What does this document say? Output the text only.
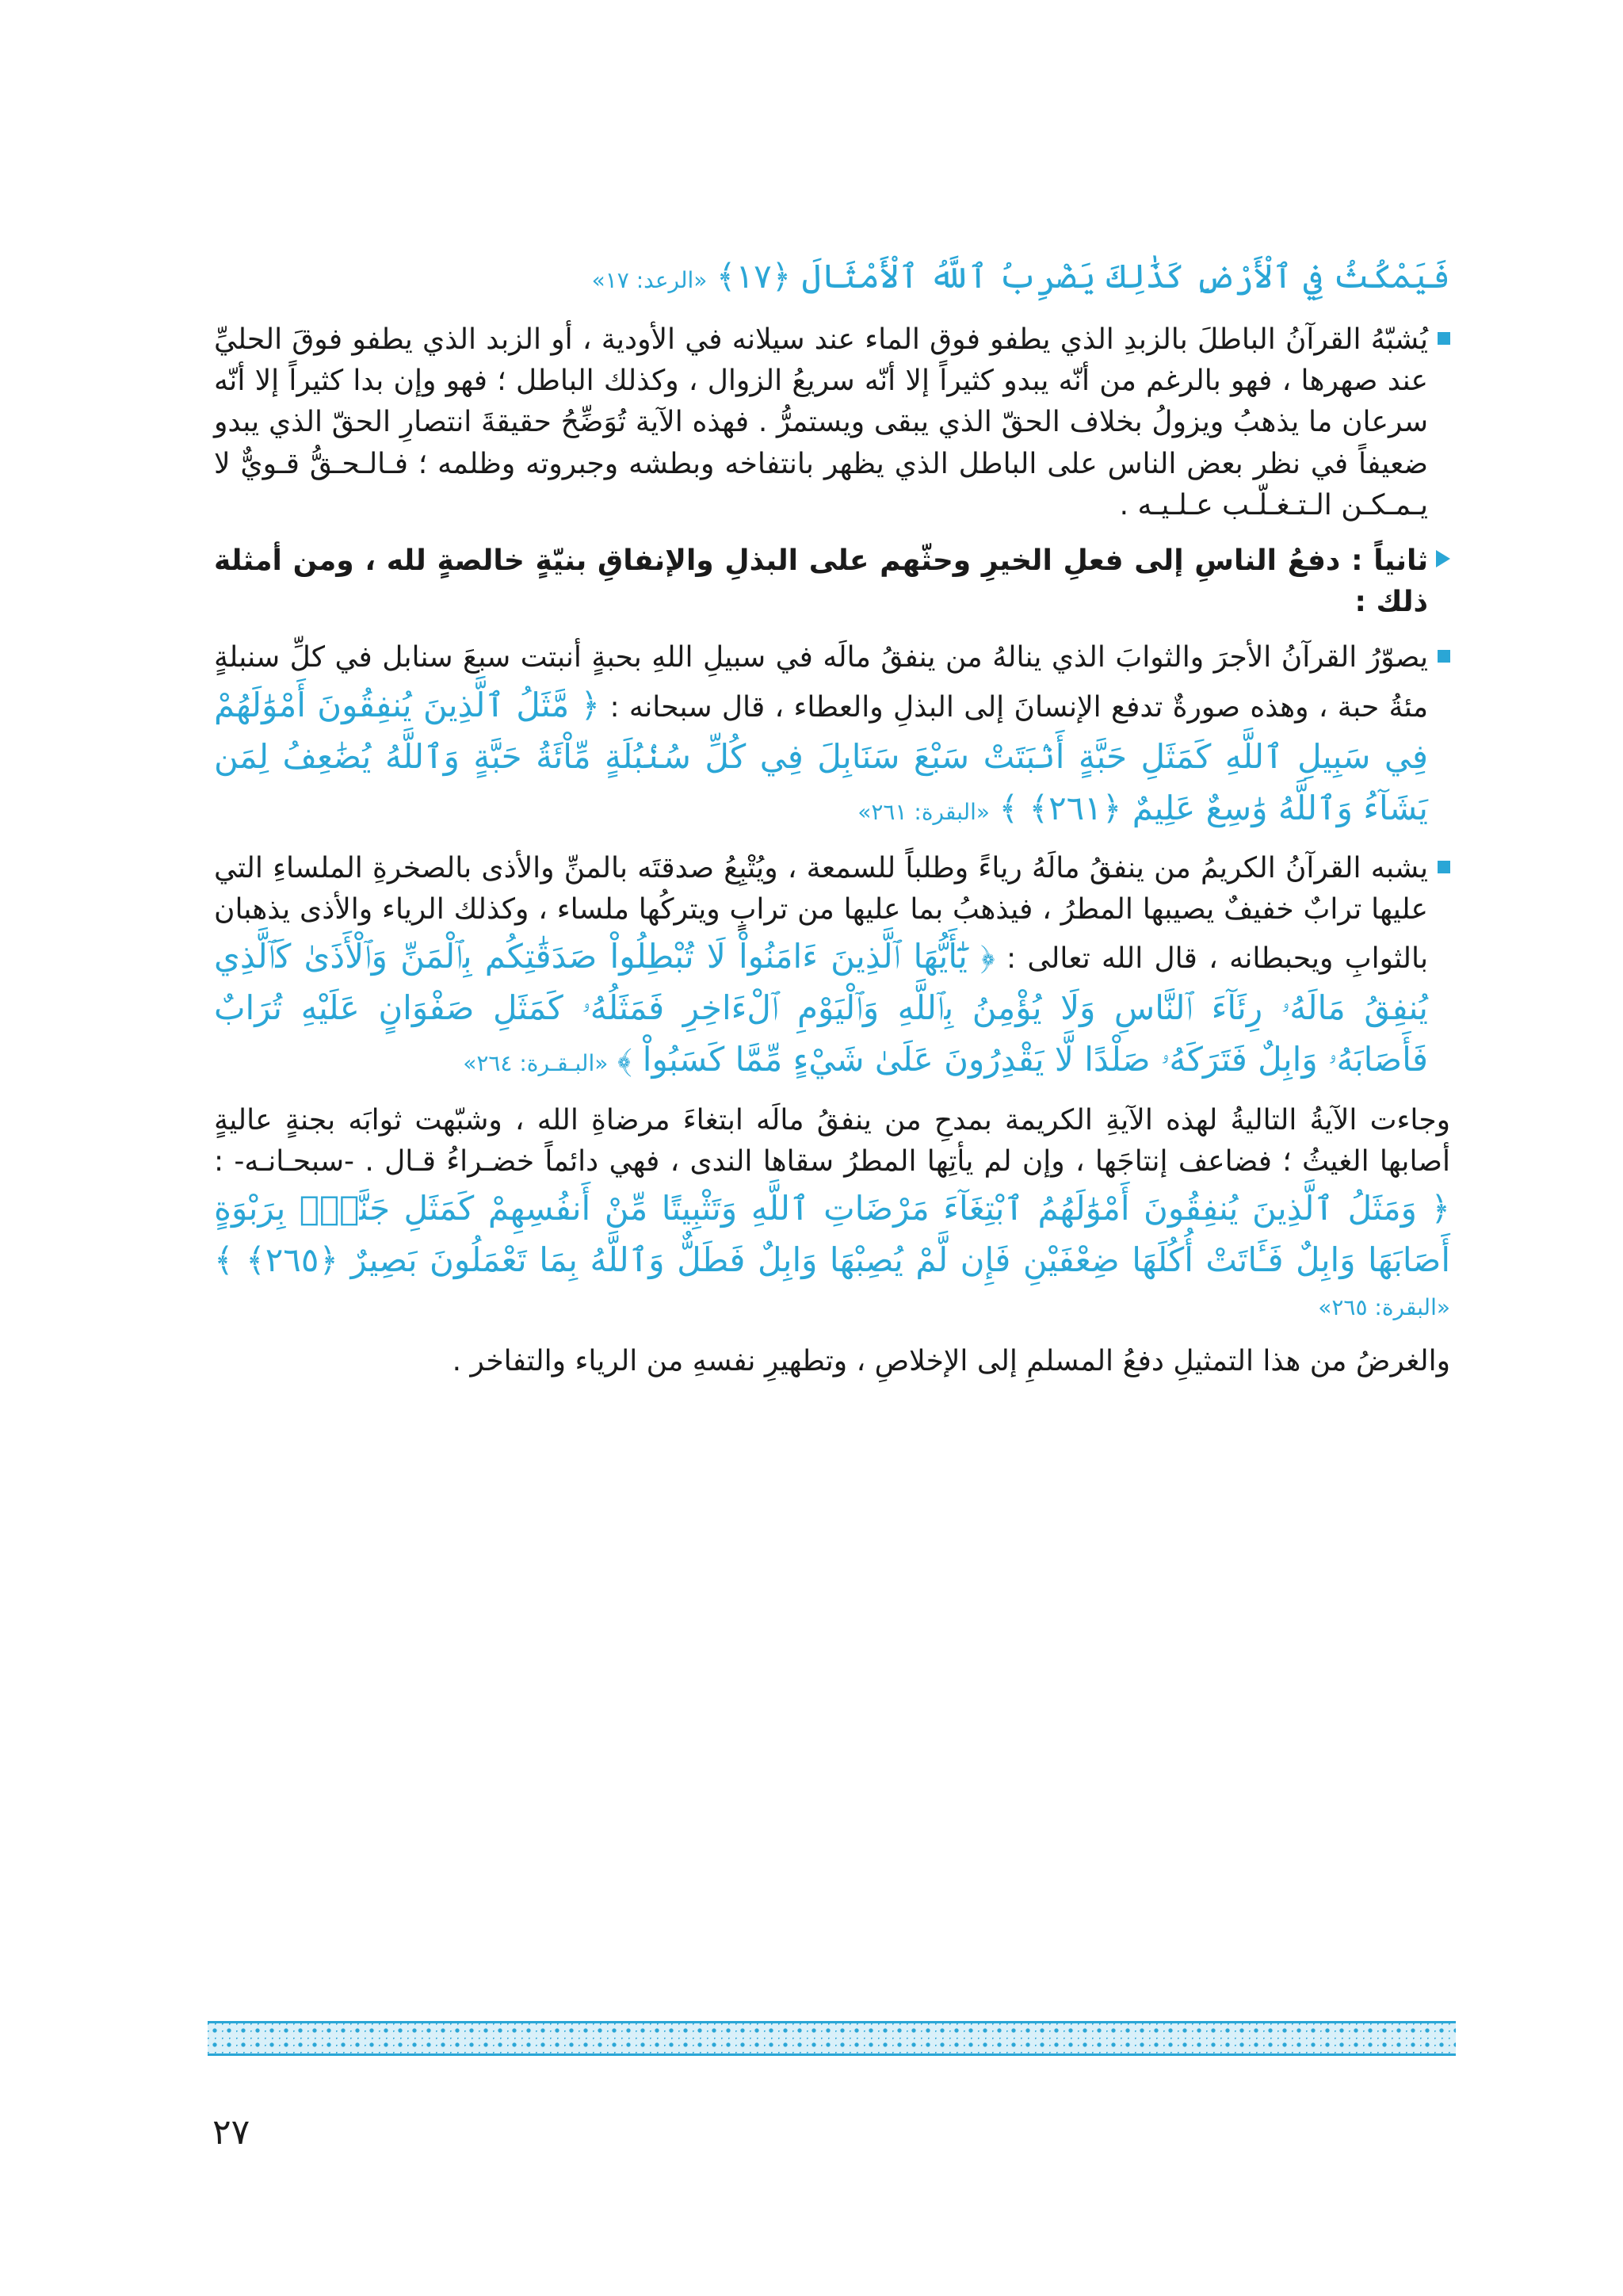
فَيَمْكُثُ فِي ٱلْأَرْضِ كَذَٰلِكَ يَضْرِبُ ٱللَّهُ ٱلْأَمْثَالَ ﴿١٧﴾ «الرعد: ١٧»

يُشبّهُ القرآنُ الباطلَ بالزبدِ الذي يطفو فوق الماء عند سيلانه في الأودية ، أو الزبد الذي يطفو فوقَ الحليِّ عند صهرها ، فهو بالرغم من أنّه يبدو كثيراً إلا أنّه سريعُ الزوال ، وكذلك الباطل ؛ فهو وإن بدا كثيراً إلا أنّه سرعان ما يذهبُ ويزولُ بخلاف الحقّ الذي يبقى ويستمرُّ . فهذه الآية تُوَضِّحُ حقيقةَ انتصارِ الحقّ الذي يبدو ضعيفاً في نظر بعض الناس على الباطل الذي يظهر بانتفاخه وبطشه وجبروته وظلمه ؛ فـالـحـقُّ قـويٌّ لا يـمـكـن الـتـغـلّـب عـلـيـه .
ثانياً : دفعُ الناسِ إلى فعلِ الخيرِ وحثّهم على البذلِ والإنفاقِ بنيّةٍ خالصةٍ لله ، ومن أمثلة ذلك :
يصوّرُ القرآنُ الأجرَ والثوابَ الذي ينالهُ من ينفقُ مالَه في سبيلِ اللهِ بحبةٍ أنبتت سبعَ سنابل في كلِّ سنبلةٍ مئةُ حبة ، وهذه صورةٌ تدفع الإنسانَ إلى البذلِ والعطاء ، قال سبحانه : ﴿ مَّثَلُ ٱلَّذِينَ يُنفِقُونَ أَمْوَٰلَهُمْ فِي سَبِيلِ ٱللَّهِ كَمَثَلِ حَبَّةٍ أَنۢبَتَتْ سَبْعَ سَنَابِلَ فِي كُلِّ سُنۢبُلَةٍ مِّاْئَةُ حَبَّةٍ وَٱللَّهُ يُضَٰعِفُ لِمَن يَشَآءُ وَٱللَّهُ وَٰسِعٌ عَلِيمٌ ﴿٢٦١﴾ ﴾ «البقرة: ٢٦١»
يشبه القرآنُ الكريمُ من ينفقُ مالَهُ رياءً وطلباً للسمعة ، ويُتْبِعُ صدقتَه بالمنِّ والأذى بالصخرةِ الملساءِ التي عليها ترابٌ خفيفٌ يصيبها المطرُ ، فيذهبُ بما عليها من ترابٍ ويتركُها ملساء ، وكذلك الرياء والأذى يذهبان بالثوابِ ويحبطانه ، قال الله تعالى : ﴿ يَٰٓأَيُّهَا ٱلَّذِينَ ءَامَنُواْ لَا تُبْطِلُواْ صَدَقَٰتِكُم بِٱلْمَنِّ وَٱلْأَذَىٰ كَٱلَّذِي يُنفِقُ مَالَهُۥ رِئَآءَ ٱلنَّاسِ وَلَا يُؤْمِنُ بِٱللَّهِ وَٱلْيَوْمِ ٱلْءَاخِرِ فَمَثَلُهُۥ كَمَثَلِ صَفْوَانٍ عَلَيْهِ تُرَابٌ فَأَصَابَهُۥ وَابِلٌ فَتَرَكَهُۥ صَلْدًا لَّا يَقْدِرُونَ عَلَىٰ شَيْءٍ مِّمَّا كَسَبُواْ ﴾ «البـقـرة: ٢٦٤»
وجاءت الآيةُ التاليةُ لهذه الآيةِ الكريمة بمدحِ من ينفقُ مالَه ابتغاءَ مرضاةِ الله ، وشبّهت ثوابَه بجنةٍ عاليةٍ أصابها الغيثُ ؛ فضاعف إنتاجَها ، وإن لم يأتِها المطرُ سقاها الندى ، فهي دائماً خضـراءُ قـال . -سبحـانـه- : ﴿ وَمَثَلُ ٱلَّذِينَ يُنفِقُونَ أَمْوَٰلَهُمُ ٱبْتِغَآءَ مَرْضَاتِ ٱللَّهِ وَتَثْبِيتًا مِّنْ أَنفُسِهِمْ كَمَثَلِ جَنَّةٍۭ بِرَبْوَةٍ أَصَابَهَا وَابِلٌ فَـَٔاتَتْ أُكُلَهَا ضِعْفَيْنِ فَإِن لَّمْ يُصِبْهَا وَابِلٌ فَطَلٌّ وَٱللَّهُ بِمَا تَعْمَلُونَ بَصِيرٌ ﴿٢٦٥﴾ ﴾ «البقرة: ٢٦٥»

والغرضُ من هذا التمثيلِ دفعُ المسلمِ إلى الإخلاصِ ، وتطهيرِ نفسهِ من الرياء والتفاخر .

٢٧
